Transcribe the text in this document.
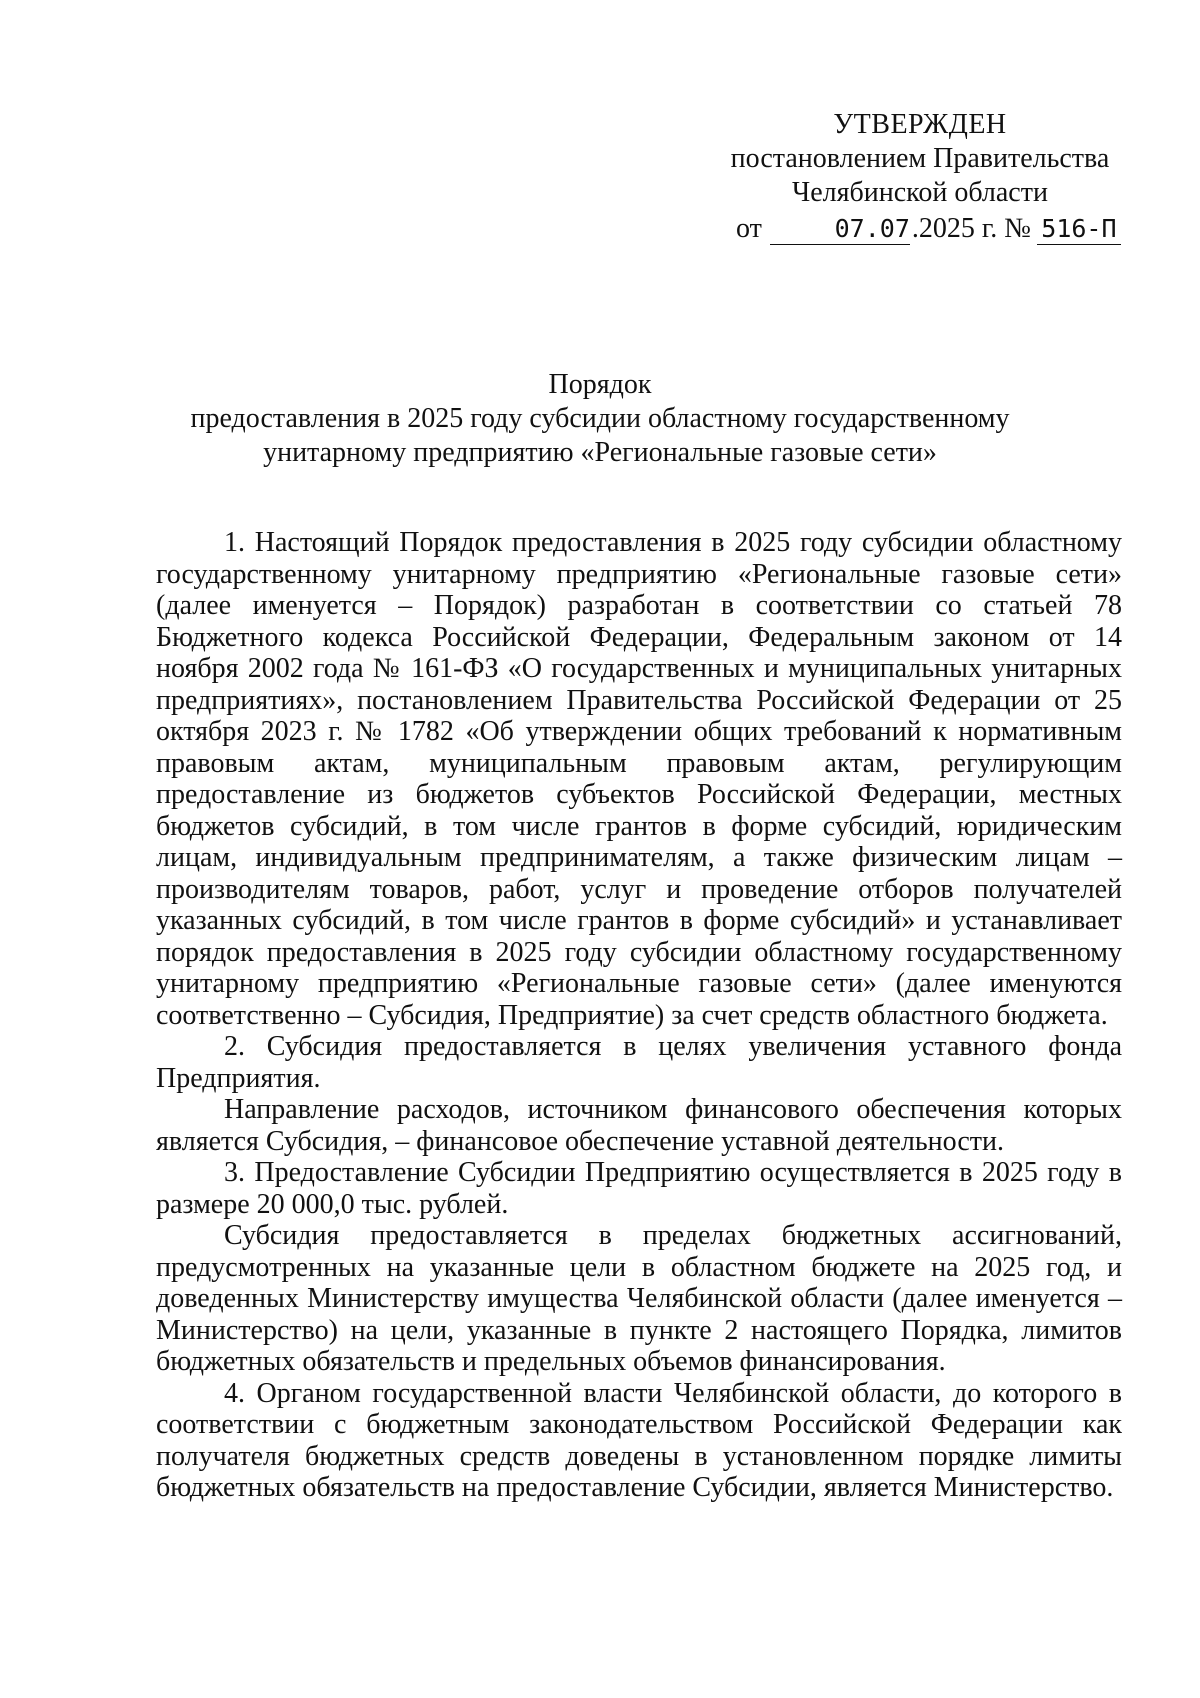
УТВЕРЖДЕН
постановлением Правительства
Челябинской области
от	07.07.2025 г. № 516-П
Порядок
предоставления в 2025 году субсидии областному государственному
унитарному предприятию «Региональные газовые сети»

1. Настоящий Порядок предоставления в 2025 году субсидии областному государственному унитарному предприятию «Региональные газовые сети» (далее именуется – Порядок) разработан в соответствии со статьей 78 Бюджетного кодекса Российской Федерации, Федеральным законом от 14 ноября 2002 года № 161-ФЗ «О государственных и муниципальных унитарных предприятиях», постановлением Правительства Российской Федерации от 25 октября 2023 г. № 1782 «Об утверждении общих требований к нормативным правовым актам, муниципальным правовым актам, регулирующим предоставление из бюджетов субъектов Российской Федерации, местных бюджетов субсидий, в том числе грантов в форме субсидий, юридическим лицам, индивидуальным предпринимателям, а также физическим лицам – производителям товаров, работ, услуг и проведение отборов получателей указанных субсидий, в том числе грантов в форме субсидий» и устанавливает порядок предоставления в 2025 году субсидии областному государственному унитарному предприятию «Региональные газовые сети» (далее именуются соответственно – Субсидия, Предприятие) за счет средств областного бюджета.

2. Субсидия предоставляется в целях увеличения уставного фонда Предприятия.

Направление расходов, источником финансового обеспечения которых является Субсидия, – финансовое обеспечение уставной деятельности.

3. Предоставление Субсидии Предприятию осуществляется в 2025 году в размере 20 000,0 тыс. рублей.

Субсидия предоставляется в пределах бюджетных ассигнований, предусмотренных на указанные цели в областном бюджете на 2025 год, и доведенных Министерству имущества Челябинской области (далее именуется – Министерство) на цели, указанные в пункте 2 настоящего Порядка, лимитов бюджетных обязательств и предельных объемов финансирования.

4. Органом государственной власти Челябинской области, до которого в соответствии с бюджетным законодательством Российской Федерации как получателя бюджетных средств доведены в установленном порядке лимиты бюджетных обязательств на предоставление Субсидии, является Министерство.
